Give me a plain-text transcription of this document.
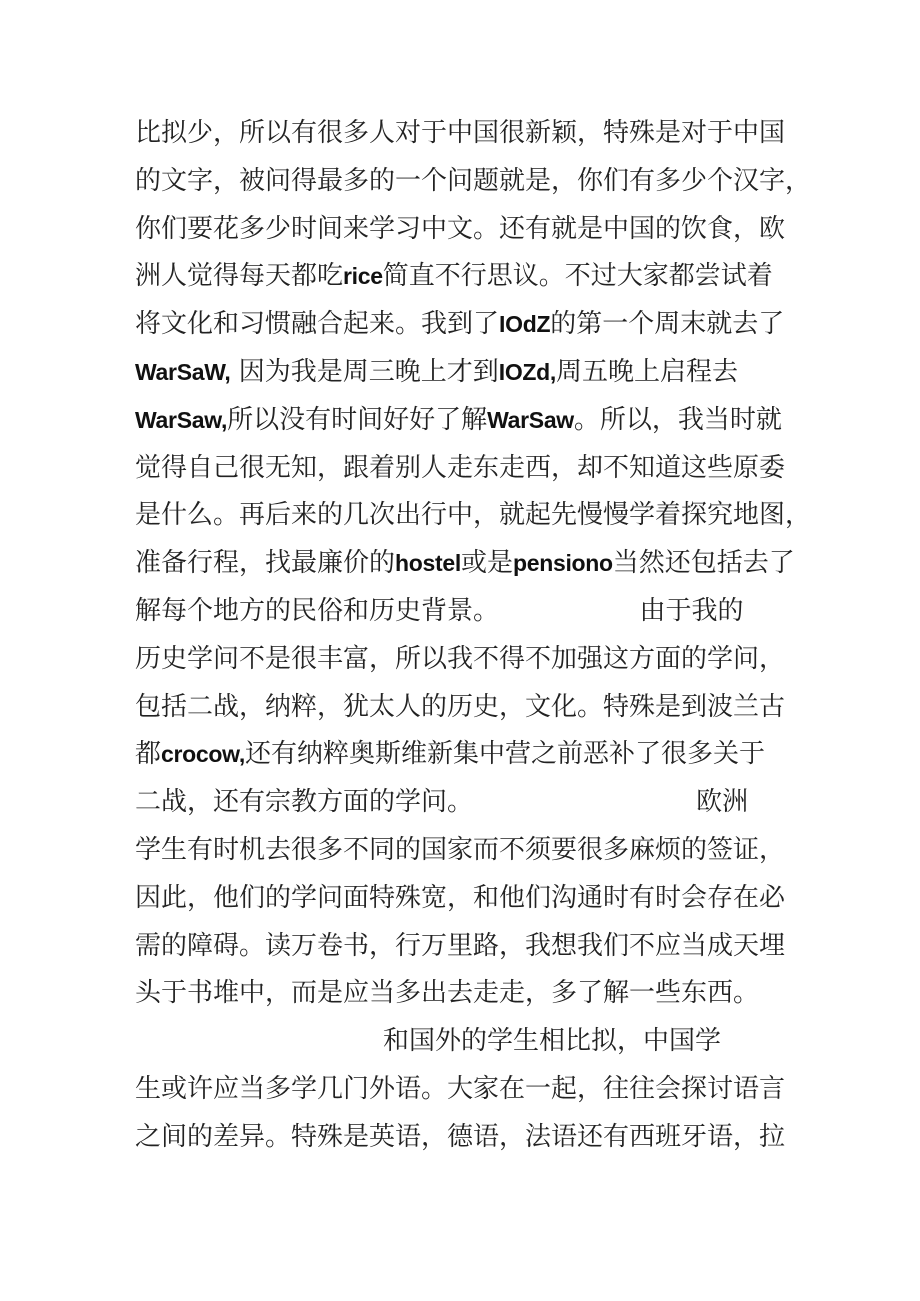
比拟少，所以有很多人对于中国很新颖，特殊是对于中国
的文字，被问得最多的一个问题就是，你们有多少个汉字，
你们要花多少时间来学习中文。还有就是中国的饮食，欧
洲人觉得每天都吃rice简直不行思议。不过大家都尝试着
将文化和习惯融合起来。我到了IOdZ的第一个周末就去了
WarSaW, 因为我是周三晚上才到IOZd,周五晚上启程去
WarSaw,所以没有时间好好了解WarSaw。所以，我当时就
觉得自己很无知，跟着别人走东走西，却不知道这些原委
是什么。再后来的几次出行中，就起先慢慢学着探究地图，
准备行程，找最廉价的hostel或是pensiono当然还包括去了
解每个地方的民俗和历史背景。	由于我的
历史学问不是很丰富，所以我不得不加强这方面的学问，
包括二战，纳粹，犹太人的历史，文化。特殊是到波兰古
都crocow,还有纳粹奥斯维新集中营之前恶补了很多关于
二战，还有宗教方面的学问。	欧洲
学生有时机去很多不同的国家而不须要很多麻烦的签证，
因此，他们的学问面特殊宽，和他们沟通时有时会存在必
需的障碍。读万卷书，行万里路，我想我们不应当成天埋
头于书堆中，而是应当多出去走走，多了解一些东西。
和国外的学生相比拟，中国学
生或许应当多学几门外语。大家在一起，往往会探讨语言
之间的差异。特殊是英语，德语，法语还有西班牙语，拉
